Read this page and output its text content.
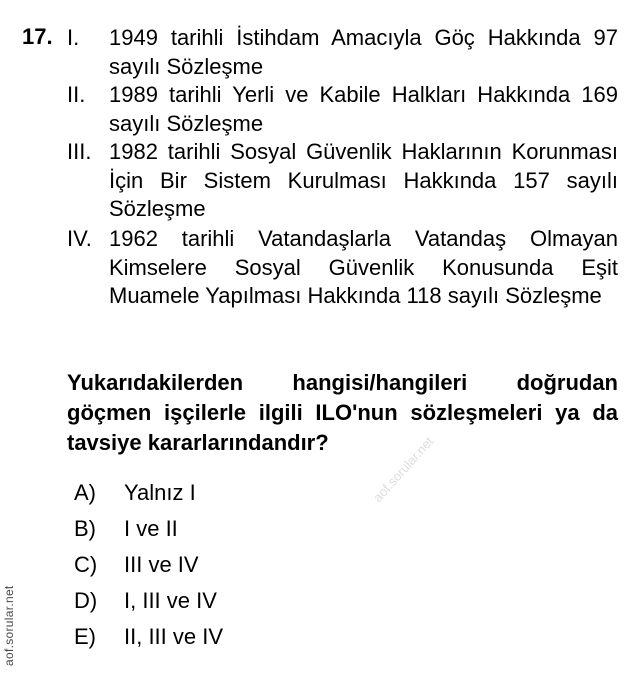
17. I.	1949 tarihli İstihdam Amacıyla Göç Hakkında 97 sayılı Sözleşme
II.	1989 tarihli Yerli ve Kabile Halkları Hakkında 169 sayılı Sözleşme
III. 1982 tarihli Sosyal Güvenlik Haklarının Korunması İçin Bir Sistem Kurulması Hakkında 157 sayılı Sözleşme
IV. 1962 tarihli Vatandaşlarla Vatandaş Olmayan Kimselere Sosyal Güvenlik Konusunda Eşit Muamele Yapılması Hakkında 118 sayılı Sözleşme
Yukarıdakilerden hangisi/hangileri doğrudan göçmen işçilerle ilgili ILO'nun sözleşmeleri ya da tavsiye kararlarındandır?
A) Yalnız I
B) I ve II
C) III ve IV
D) I, III ve IV
E) II, III ve IV
aof.sorular.net
aof.sorular.net
